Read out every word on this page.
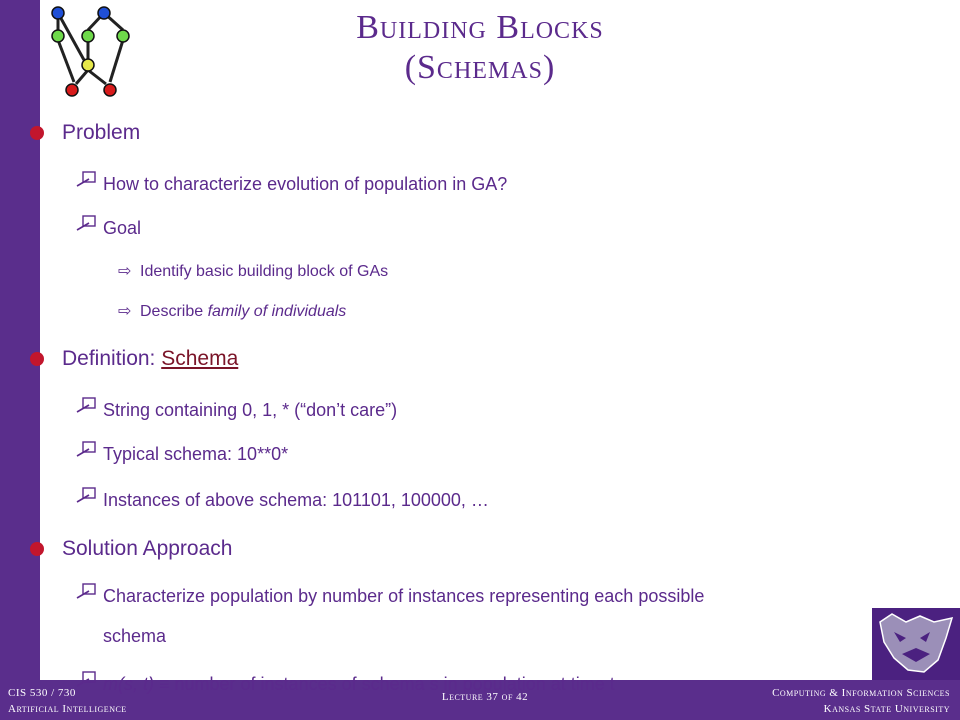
Building Blocks
(Schemas)
Problem
How to characterize evolution of population in GA?
Goal
⇨ Identify basic building block of GAs
⇨ Describe family of individuals
Definition: Schema
String containing 0, 1, * (“don’t care”)
Typical schema: 10**0*
Instances of above schema: 101101, 100000, …
Solution Approach
Characterize population by number of instances representing each possible
schema
m(s, t) ≡ number of instances of schema s in population at time t
CIS 530 / 730
Artificial Intelligence
Lecture 37 of 42	Computing & Information Sciences
Kansas State University
